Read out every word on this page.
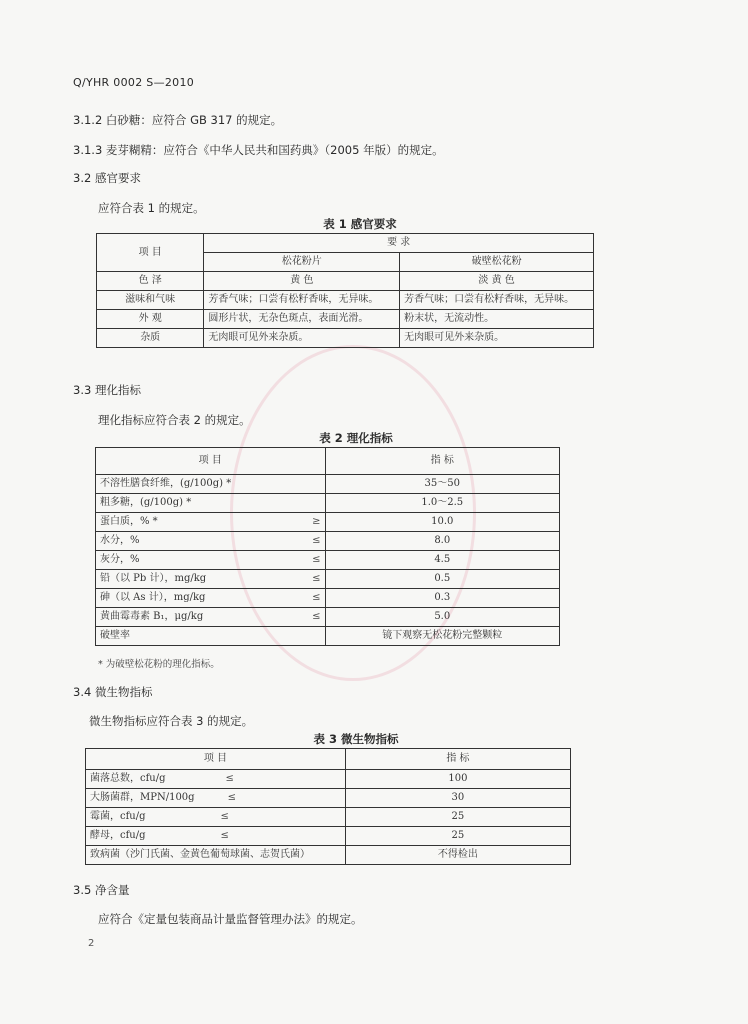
Q/YHR 0002 S—2010
3.1.2 白砂糖：应符合 GB 317 的规定。
3.1.3 麦芽糊精：应符合《中华人民共和国药典》（2005 年版）的规定。
3.2 感官要求
应符合表 1 的规定。
表 1 感官要求
项 目	要 求	
	松花粉片	破壁松花粉
色 泽	黄 色	淡 黄 色
滋味和气味	芳香气味；口尝有松籽香味，无异味。	芳香气味；口尝有松籽香味，无异味。
外 观	圆形片状，无杂色斑点，表面光滑。	粉末状，无流动性。
杂质	无肉眼可见外来杂质。	无肉眼可见外来杂质。
3.3 理化指标
理化指标应符合表 2 的规定。
表 2 理化指标
项 目	指 标
不溶性膳食纤维，(g/100g) *	35～50
粗多糖，(g/100g) *	1.0～2.5
蛋白质，% * ≥	10.0
水分，% ≤	8.0
灰分，% ≤	4.5
铅（以 Pb 计），mg/kg ≤	0.5
砷（以 As 计），mg/kg ≤	0.3
黄曲霉毒素 B₁，μg/kg ≤	5.0
破壁率	镜下观察无松花粉完整颗粒
* 为破壁松花粉的理化指标。
3.4 微生物指标
微生物指标应符合表 3 的规定。
表 3 微生物指标
项 目	指 标
菌落总数，cfu/g ≤	100
大肠菌群，MPN/100g ≤	30
霉菌，cfu/g ≤	25
酵母，cfu/g ≤	25
致病菌（沙门氏菌、金黄色葡萄球菌、志贺氏菌）	不得检出
3.5 净含量
应符合《定量包装商品计量监督管理办法》的规定。
2
